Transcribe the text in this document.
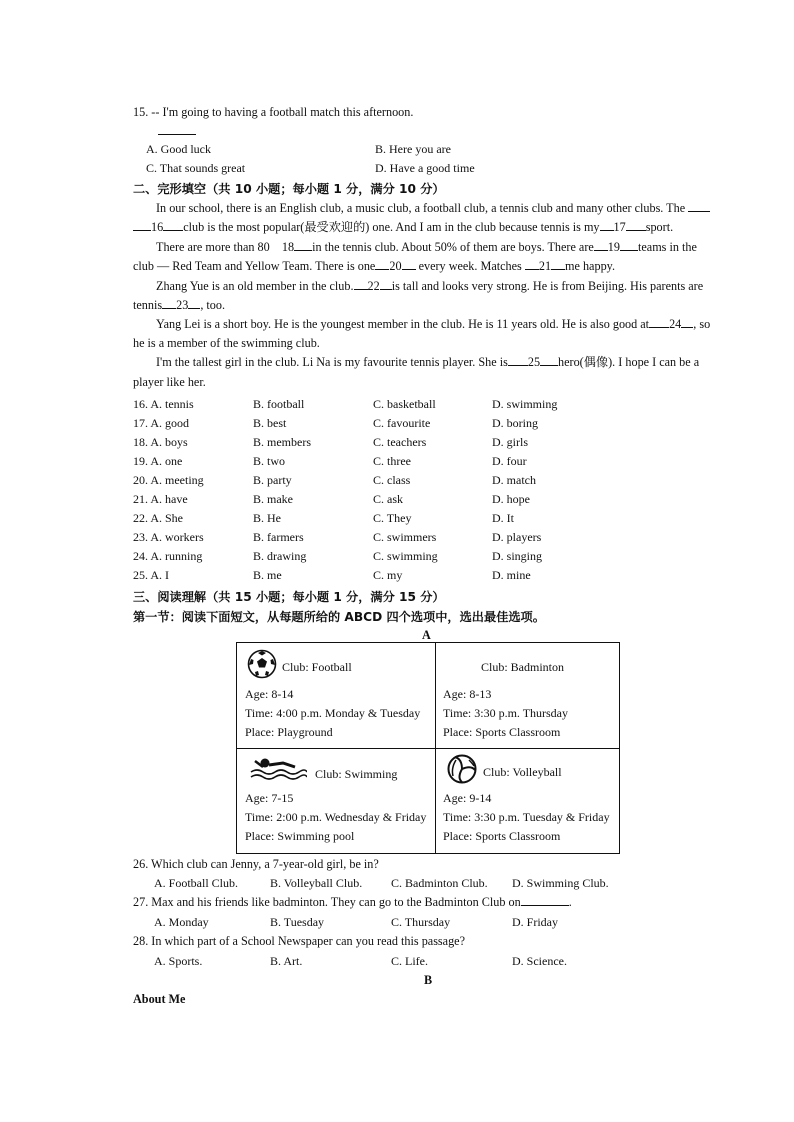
15. -- I'm going to having a football match this afternoon.
A. Good luck	B. Here you are
C. That sounds great	D. Have a good time
二、完形填空（共 10 小题；每小题 1 分，满分 10 分）
In our school, there is an English club, a music club, a football club, a tennis club and many other clubs. The
16 club is the most popular(最受欢迎的) one. And I am in the club because tennis is my 17 sport.
There are more than 80 18 in the tennis club. About 50% of them are boys. There are 19 teams in the
club — Red Team and Yellow Team. There is one 20 every week. Matches 21 me happy.
Zhang Yue is an old member in the club. 22 is tall and looks very strong. He is from Beijing. His parents are
tennis 23 , too.
Yang Lei is a short boy. He is the youngest member in the club. He is 11 years old. He is also good at 24 , so
he is a member of the swimming club.
I'm the tallest girl in the club. Li Na is my favourite tennis player. She is 25 hero(偶像). I hope I can be a
player like her.
16. A. tennis	B. football	C. basketball	D. swimming
17. A. good	B. best	C. favourite	D. boring
18. A. boys	B. members	C. teachers	D. girls
19. A. one	B. two	C. three	D. four
20. A. meeting	B. party	C. class	D. match
21. A. have	B. make	C. ask	D. hope
22. A. She	B. He	C. They	D. It
23. A. workers	B. farmers	C. swimmers	D. players
24. A. running	B. drawing	C. swimming	D. singing
25. A. I	B. me	C. my	D. mine
三、阅读理解（共 15 小题；每小题 1 分，满分 15 分）
第一节：阅读下面短文，从每题所给的 ABCD 四个选项中，选出最佳选项。
A
Club: Football
Age: 8-14
Time: 4:00 p.m. Monday & Tuesday
Place: Playground
Club: Badminton
Age: 8-13
Time: 3:30 p.m. Thursday
Place: Sports Classroom
Club: Swimming
Age: 7-15
Time: 2:00 p.m. Wednesday & Friday
Place: Swimming pool
Club: Volleyball
Age: 9-14
Time: 3:30 p.m. Tuesday & Friday
Place: Sports Classroom
26. Which club can Jenny, a 7-year-old girl, be in?
A. Football Club.	B. Volleyball Club. C. Badminton Club. D. Swimming Club.
27. Max and his friends like badminton. They can go to the Badminton Club on	.
A. Monday	B. Tuesday	C. Thursday	D. Friday
28. In which part of a School Newspaper can you read this passage?
A. Sports.	B. Art.	C. Life.	D. Science.
B
About Me
